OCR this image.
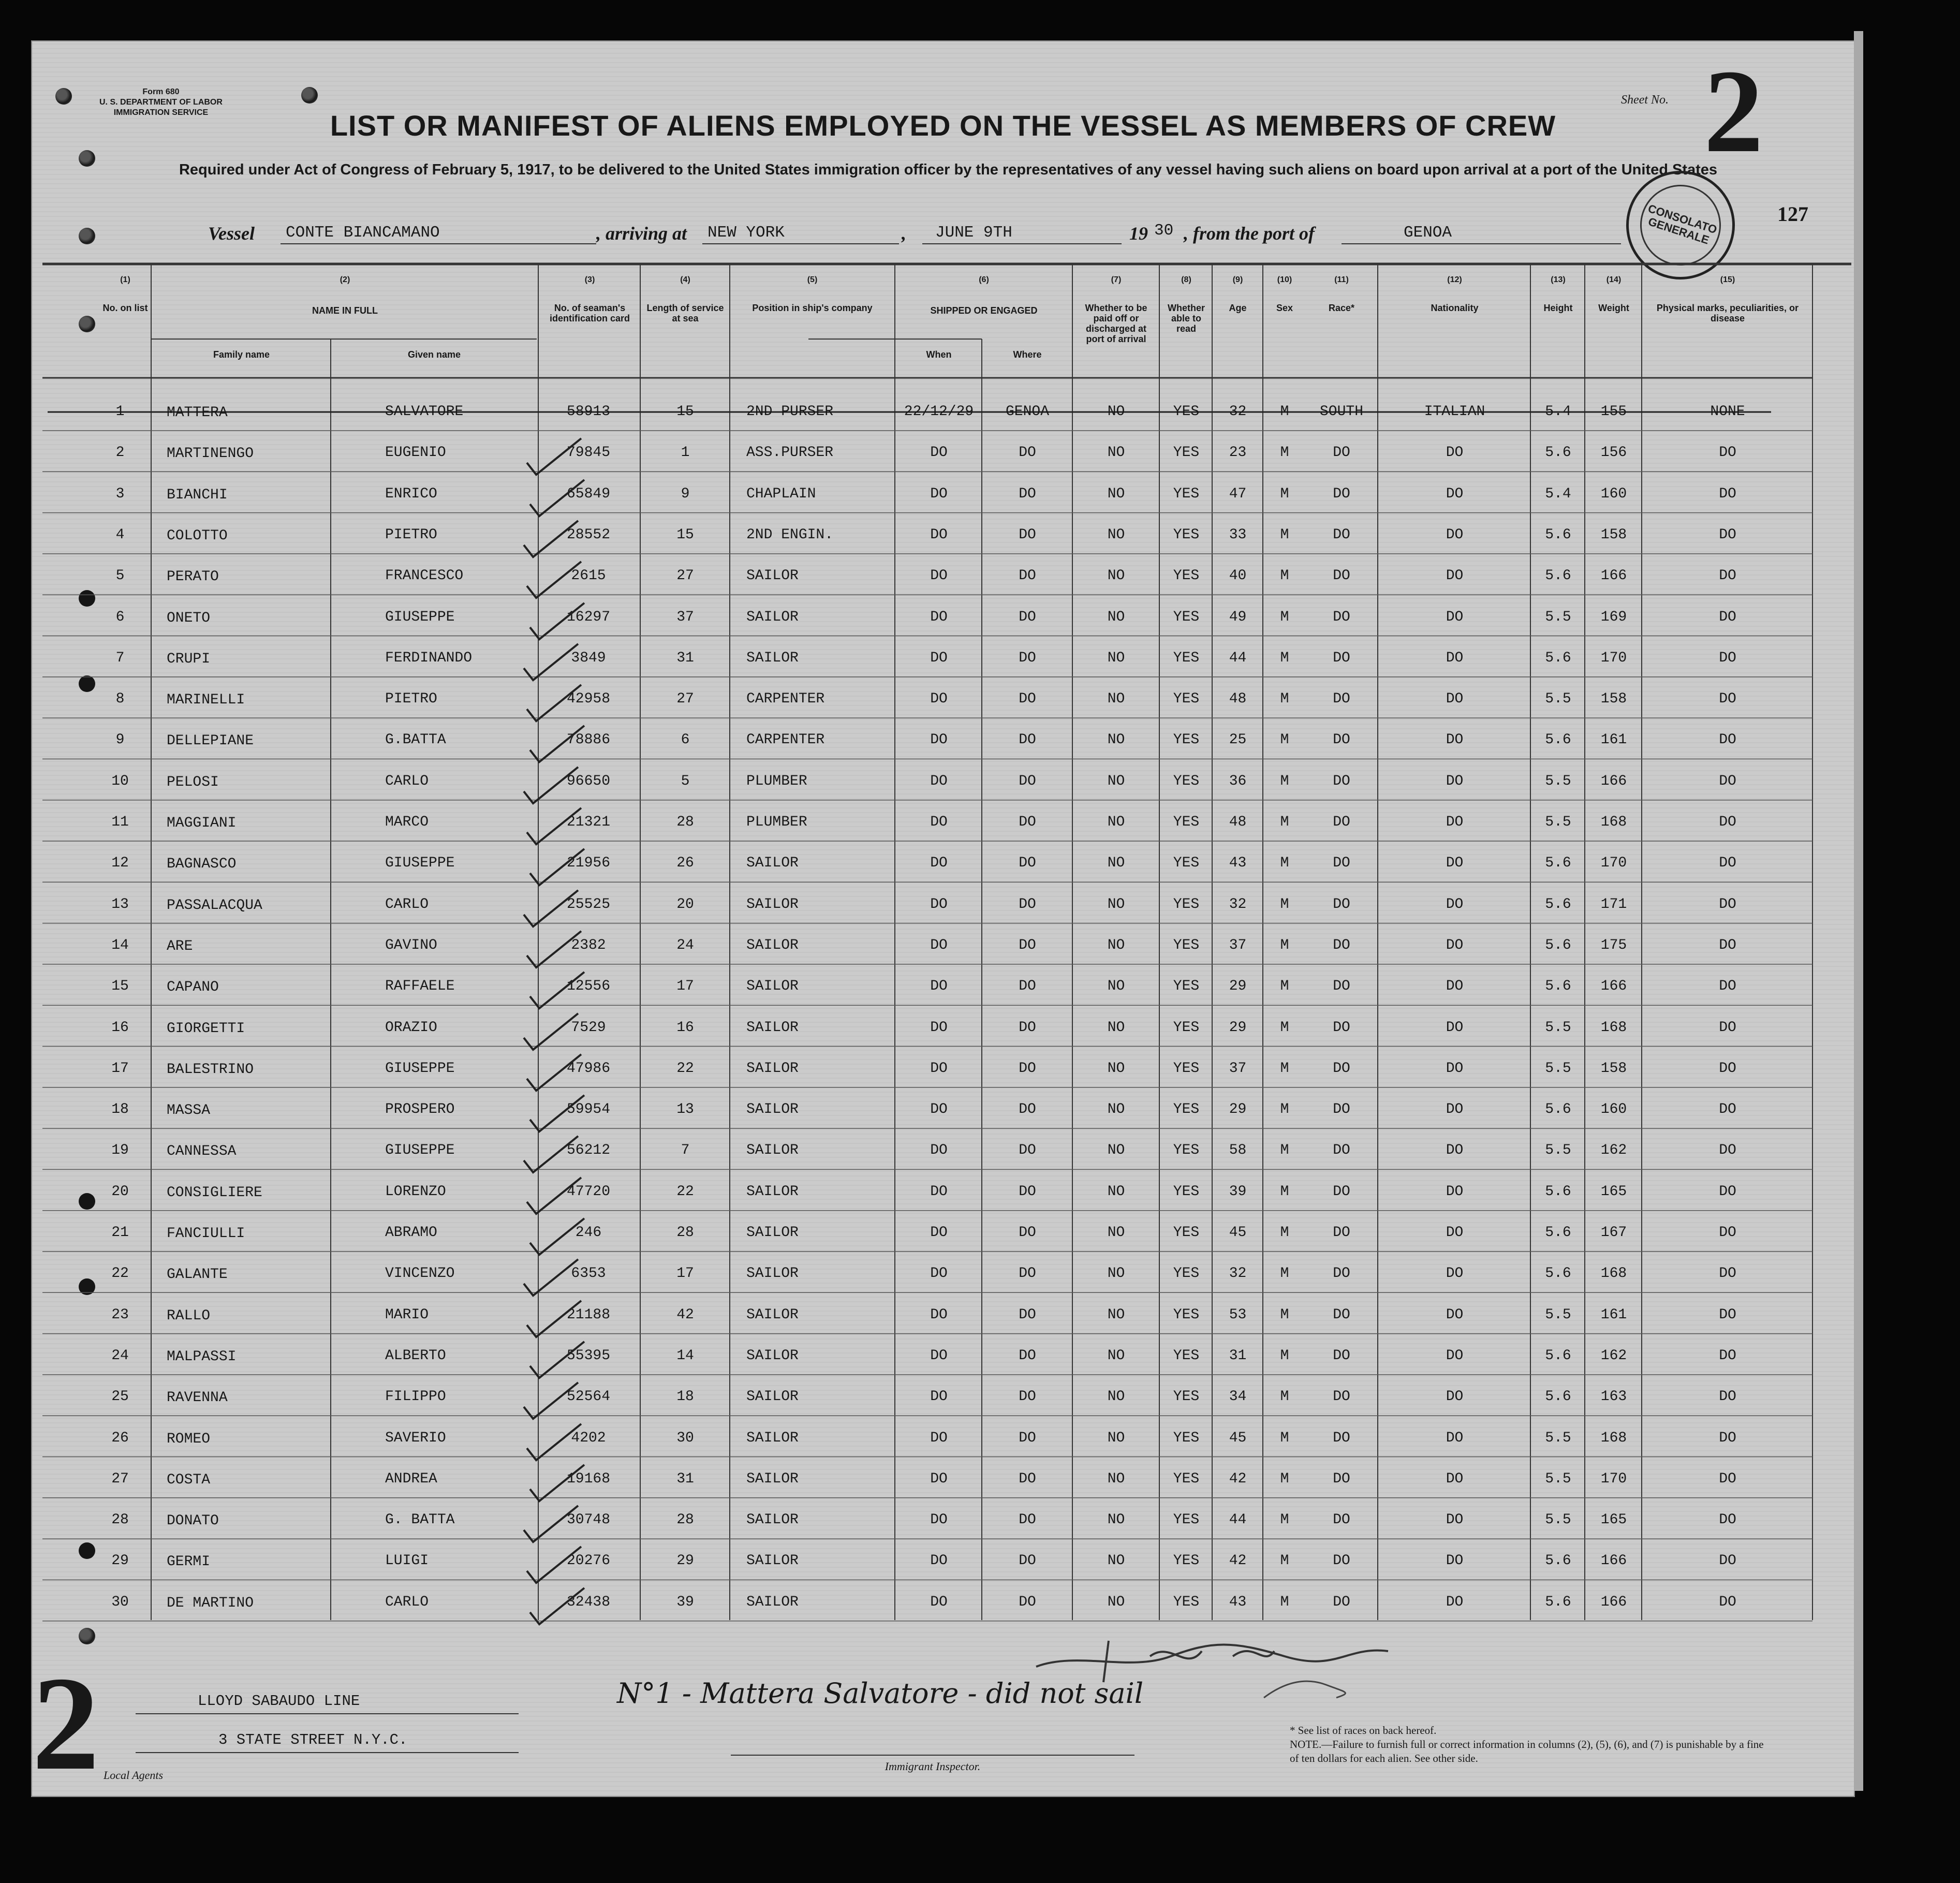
Form 680
U. S. DEPARTMENT OF LABOR
IMMIGRATION SERVICE	LIST OR MANIFEST OF ALIENS EMPLOYED ON THE VESSEL AS MEMBERS OF CREW
Required under Act of Congress of February 5, 1917, to be delivered to the United States immigration officer by the representatives of any vessel having such aliens on board upon arrival at a port of the United States
Sheet No. 2
CONSOLATO GENERALE
127
Vessel CONTE BIANCAMANO	, arriving at NEW YORK	, JUNE 9TH	19 30 , from the port of	GENOA
N°1 - Mattera Salvatore - did not sail
2	LLOYD SABAUDO LINE
3 STATE STREET N.Y.C.
Local Agents
Immigrant Inspector.
* See list of races on back hereof.
NOTE.—Failure to furnish full or correct information in columns (2), (5), (6), and (7) is punishable by a fine of ten dollars for each alien. See other side.
(1)
No. on list
(2)
NAME IN FULL
(3)
No. of seaman's identification card
(4)
Length of service at sea
(5)
Position in ship's company
(6)
SHIPPED OR ENGAGED
(7)
Whether to be paid off or discharged at port of arrival
(8)
Whether able to read
(9)
Age
(10)
Sex
(11)
Race*
(12)
Nationality
(13)
Height
(14)
Weight
(15)
Physical marks, peculiarities, or disease
Family name	Given name	When	Where
1	MATTERA	SALVATORE	58913	15	2ND PURSER	22/12/29	GENOA	NO	YES	32	M	SOUTH	ITALIAN	5.4	155	NONE
2	MARTINENGO	EUGENIO	79845	1	ASS.PURSER	DO	DO	NO	YES	23	M	DO	DO	5.6	156	DO
3	BIANCHI	ENRICO	65849	9	CHAPLAIN	DO	DO	NO	YES	47	M	DO	DO	5.4	160	DO
4	COLOTTO	PIETRO	28552	15	2ND ENGIN.	DO	DO	NO	YES	33	M	DO	DO	5.6	158	DO
5	PERATO	FRANCESCO	2615	27	SAILOR	DO	DO	NO	YES	40	M	DO	DO	5.6	166	DO
6	ONETO	GIUSEPPE	16297	37	SAILOR	DO	DO	NO	YES	49	M	DO	DO	5.5	169	DO
7	CRUPI	FERDINANDO	3849	31	SAILOR	DO	DO	NO	YES	44	M	DO	DO	5.6	170	DO
8	MARINELLI	PIETRO	42958	27	CARPENTER	DO	DO	NO	YES	48	M	DO	DO	5.5	158	DO
9	DELLEPIANE	G.BATTA	78886	6	CARPENTER	DO	DO	NO	YES	25	M	DO	DO	5.6	161	DO
10	PELOSI	CARLO	96650	5	PLUMBER	DO	DO	NO	YES	36	M	DO	DO	5.5	166	DO
11	MAGGIANI	MARCO	21321	28	PLUMBER	DO	DO	NO	YES	48	M	DO	DO	5.5	168	DO
12	BAGNASCO	GIUSEPPE	21956	26	SAILOR	DO	DO	NO	YES	43	M	DO	DO	5.6	170	DO
13	PASSALACQUA	CARLO	25525	20	SAILOR	DO	DO	NO	YES	32	M	DO	DO	5.6	171	DO
14	ARE	GAVINO	2382	24	SAILOR	DO	DO	NO	YES	37	M	DO	DO	5.6	175	DO
15	CAPANO	RAFFAELE	12556	17	SAILOR	DO	DO	NO	YES	29	M	DO	DO	5.6	166	DO
16	GIORGETTI	ORAZIO	7529	16	SAILOR	DO	DO	NO	YES	29	M	DO	DO	5.5	168	DO
17	BALESTRINO	GIUSEPPE	47986	22	SAILOR	DO	DO	NO	YES	37	M	DO	DO	5.5	158	DO
18	MASSA	PROSPERO	59954	13	SAILOR	DO	DO	NO	YES	29	M	DO	DO	5.6	160	DO
19	CANNESSA	GIUSEPPE	56212	7	SAILOR	DO	DO	NO	YES	58	M	DO	DO	5.5	162	DO
20	CONSIGLIERE	LORENZO	47720	22	SAILOR	DO	DO	NO	YES	39	M	DO	DO	5.6	165	DO
21	FANCIULLI	ABRAMO	246	28	SAILOR	DO	DO	NO	YES	45	M	DO	DO	5.6	167	DO
22	GALANTE	VINCENZO	6353	17	SAILOR	DO	DO	NO	YES	32	M	DO	DO	5.6	168	DO
23	RALLO	MARIO	21188	42	SAILOR	DO	DO	NO	YES	53	M	DO	DO	5.5	161	DO
24	MALPASSI	ALBERTO	55395	14	SAILOR	DO	DO	NO	YES	31	M	DO	DO	5.6	162	DO
25	RAVENNA	FILIPPO	52564	18	SAILOR	DO	DO	NO	YES	34	M	DO	DO	5.6	163	DO
26	ROMEO	SAVERIO	4202	30	SAILOR	DO	DO	NO	YES	45	M	DO	DO	5.5	168	DO
27	COSTA	ANDREA	19168	31	SAILOR	DO	DO	NO	YES	42	M	DO	DO	5.5	170	DO
28	DONATO	G. BATTA	30748	28	SAILOR	DO	DO	NO	YES	44	M	DO	DO	5.5	165	DO
29	GERMI	LUIGI	20276	29	SAILOR	DO	DO	NO	YES	42	M	DO	DO	5.6	166	DO
30	DE MARTINO	CARLO	32438	39	SAILOR	DO	DO	NO	YES	43	M	DO	DO	5.6	166	DO
